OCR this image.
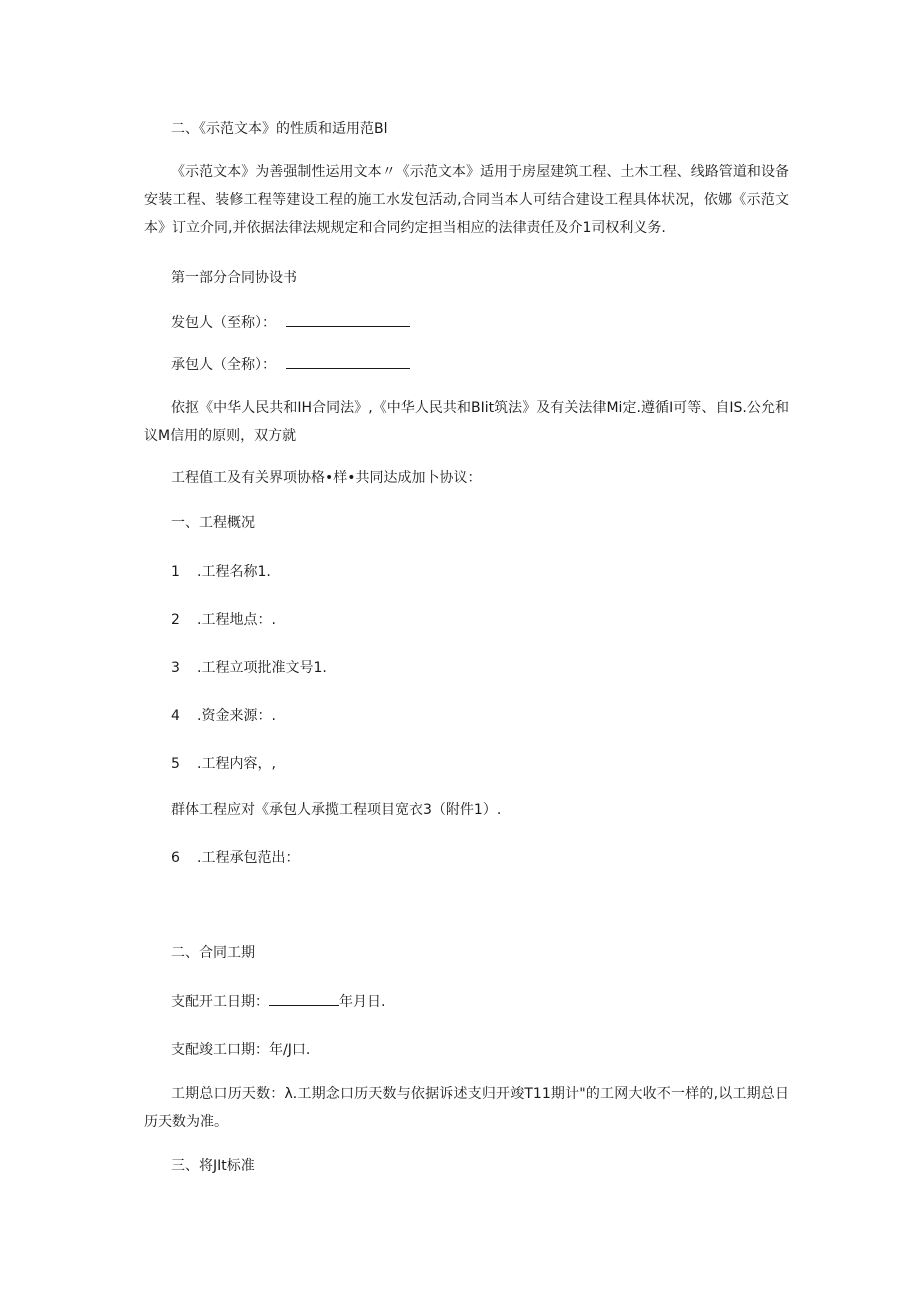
二、《示范文本》的性质和适用范Bl
《示范文本》为善强制性运用文本〃《示范文本》适用于房屋建筑工程、土木工程、线路管道和设备安装工程、装修工程等建设工程的施工水发包活动,合同当本人可结合建设工程具体状况，依娜《示范文本》订立介同,并依据法律法规规定和合同约定担当相应的法律责任及介1司权利义务.
第一部分合同协设书
发包人（至称）：
承包人（全称）：
依抠《中华人民共和IH合同法》,《中华人民共和BIit筑法》及有关法律Mi定.遵循I可等、自IS.公允和议M信用的原则，双方就
工程值工及有关界项协格•样•共同达成加卜协议：
一、工程概况
1 .工程名称1.
2 .工程地点：.
3 .工程立项批准文号1.
4 .资金来源：.
5 .工程内容，,
群体工程应对《承包人承揽工程项目宽衣3（附件1）.
6 .工程承包范出：
二、合同工期
支配开工日期：	年月日.
支配竣工口期：年∕J口.
工期总口历天数：λ.工期念口历天数与依据诉述支归开竣T11期计"的工网大收不一样的,以工期总日历天数为准。
三、将JIt标准
